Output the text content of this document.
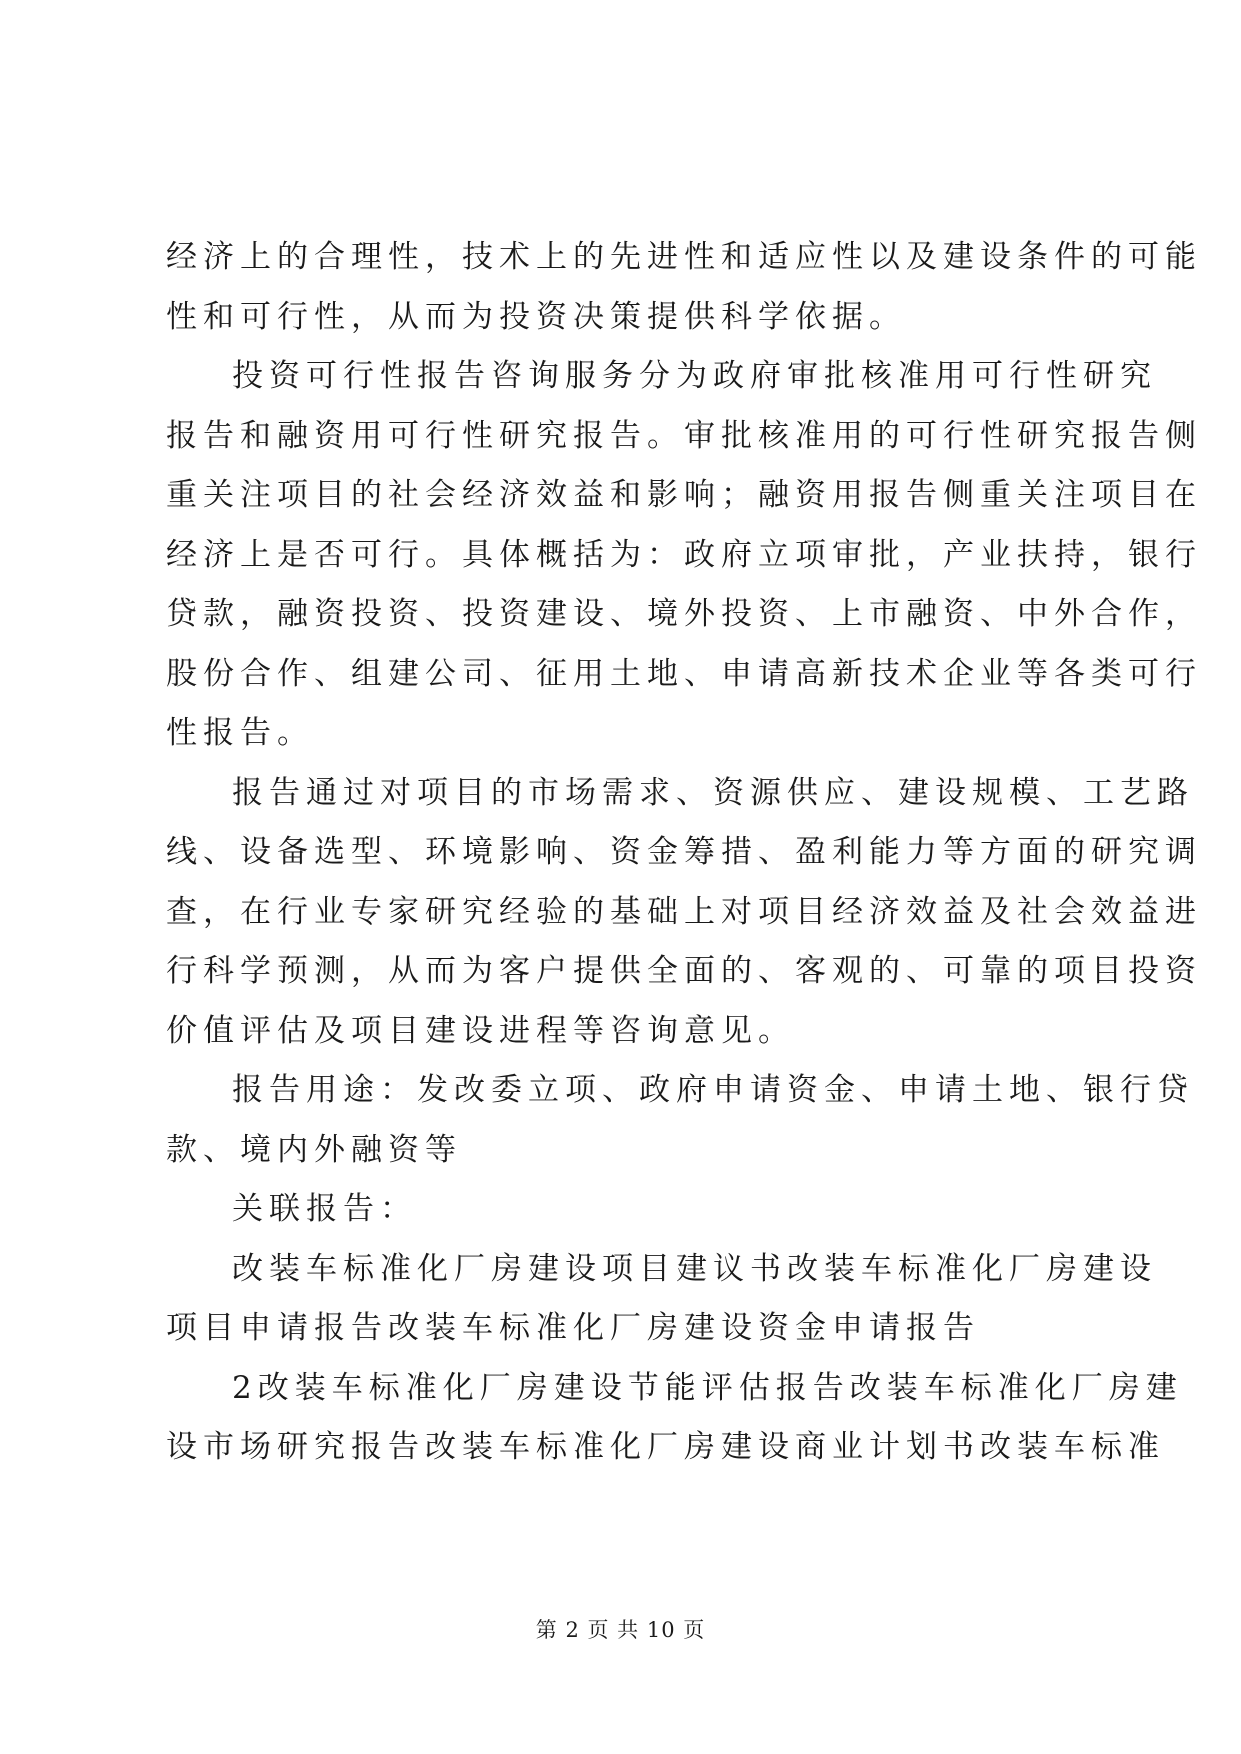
经济上的合理性，技术上的先进性和适应性以及建设条件的可能
性和可行性，从而为投资决策提供科学依据。
投资可行性报告咨询服务分为政府审批核准用可行性研究
报告和融资用可行性研究报告。审批核准用的可行性研究报告侧
重关注项目的社会经济效益和影响；融资用报告侧重关注项目在
经济上是否可行。具体概括为：政府立项审批，产业扶持，银行
贷款，融资投资、投资建设、境外投资、上市融资、中外合作，
股份合作、组建公司、征用土地、申请高新技术企业等各类可行
性报告。
报告通过对项目的市场需求、资源供应、建设规模、工艺路
线、设备选型、环境影响、资金筹措、盈利能力等方面的研究调
查，在行业专家研究经验的基础上对项目经济效益及社会效益进
行科学预测，从而为客户提供全面的、客观的、可靠的项目投资
价值评估及项目建设进程等咨询意见。
报告用途：发改委立项、政府申请资金、申请土地、银行贷
款、境内外融资等
关联报告：
改装车标准化厂房建设项目建议书改装车标准化厂房建设
项目申请报告改装车标准化厂房建设资金申请报告
2改装车标准化厂房建设节能评估报告改装车标准化厂房建
设市场研究报告改装车标准化厂房建设商业计划书改装车标准
第 2 页 共 10 页
